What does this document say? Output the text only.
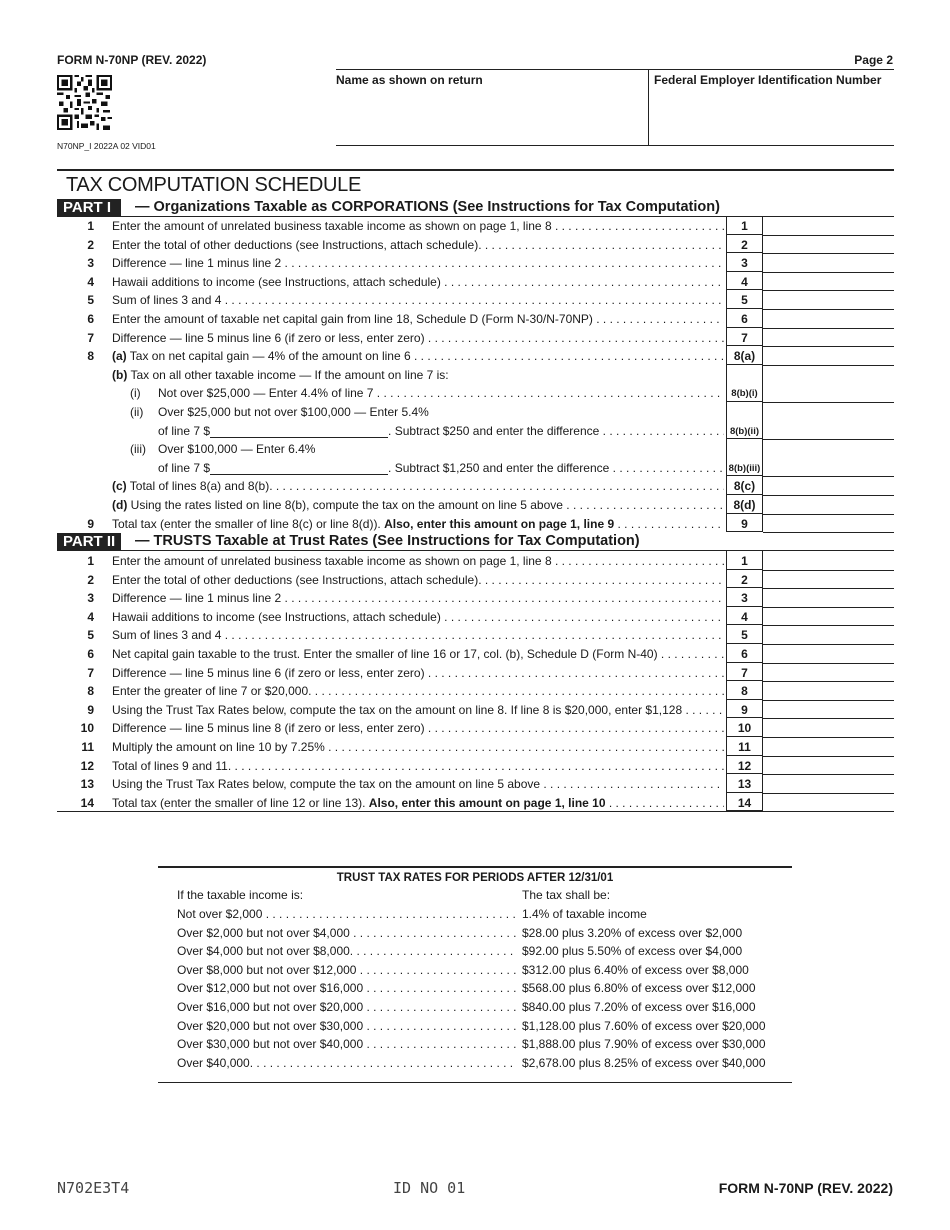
FORM N-70NP (REV. 2022)	Page 2
N70NP_I 2022A 02 VID01
Name as shown on return	Federal Employer Identification Number
TAX COMPUTATION SCHEDULE
PART I	— Organizations Taxable as CORPORATIONS (See Instructions for Tax Computation)
1 Enter the amount of unrelated business taxable income as shown on page 1, line 8 . . .	1
2 Enter the total of other deductions (see Instructions, attach schedule). . . .	2
3 Difference — line 1 minus line 2 . . .	3
4 Hawaii additions to income (see Instructions, attach schedule) . . .	4
5 Sum of lines 3 and 4 . . .	5
6 Enter the amount of taxable net capital gain from line 18, Schedule D (Form N-30/N-70NP) . . .	6
7 Difference — line 5 minus line 6 (if zero or less, enter zero) . . .	7
8 (a) Tax on net capital gain — 4% of the amount on line 6 . . .	8(a)
(b) Tax on all other taxable income — If the amount on line 7 is:
(i) Not over $25,000 — Enter 4.4% of line 7 . . .	8(b)(i)
(ii) Over $25,000 but not over $100,000 — Enter 5.4%
of line 7 $	. Subtract $250 and enter the difference . . .	8(b)(ii)
(iii) Over $100,000 — Enter 6.4%
of line 7 $	. Subtract $1,250 and enter the difference . . .	8(b)(iii)
(c) Total of lines 8(a) and 8(b). . . .	8(c)
(d) Using the rates listed on line 8(b), compute the tax on the amount on line 5 above . . .	8(d)
9 Total tax (enter the smaller of line 8(c) or line 8(d)). Also, enter this amount on page 1, line 9 . . .	9
PART II	— TRUSTS Taxable at Trust Rates (See Instructions for Tax Computation)
1 Enter the amount of unrelated business taxable income as shown on page 1, line 8 . . .	1
2 Enter the total of other deductions (see Instructions, attach schedule). . . .	2
3 Difference — line 1 minus line 2 . . .	3
4 Hawaii additions to income (see Instructions, attach schedule) . . .	4
5 Sum of lines 3 and 4 . . .	5
6 Net capital gain taxable to the trust. Enter the smaller of line 16 or 17, col. (b), Schedule D (Form N-40) . . .	6
7 Difference — line 5 minus line 6 (if zero or less, enter zero) . . .	7
8 Enter the greater of line 7 or $20,000. . . .	8
9 Using the Trust Tax Rates below, compute the tax on the amount on line 8. If line 8 is $20,000, enter $1,128 . . .	9
10 Difference — line 5 minus line 8 (if zero or less, enter zero) . . .	10
11 Multiply the amount on line 10 by 7.25% . . .	11
12 Total of lines 9 and 11. . . .	12
13 Using the Trust Tax Rates below, compute the tax on the amount on line 5 above . . .	13
14 Total tax (enter the smaller of line 12 or line 13). Also, enter this amount on page 1, line 10 . . .	14
TRUST TAX RATES FOR PERIODS AFTER 12/31/01
If the taxable income is:	The tax shall be:
Not over $2,000 . . .	1.4% of taxable income
Over $2,000 but not over $4,000 . . .	$28.00 plus 3.20% of excess over $2,000
Over $4,000 but not over $8,000. . . .	$92.00 plus 5.50% of excess over $4,000
Over $8,000 but not over $12,000 . . .	$312.00 plus 6.40% of excess over $8,000
Over $12,000 but not over $16,000 . . .	$568.00 plus 6.80% of excess over $12,000
Over $16,000 but not over $20,000 . . .	$840.00 plus 7.20% of excess over $16,000
Over $20,000 but not over $30,000 . . .	$1,128.00 plus 7.60% of excess over $20,000
Over $30,000 but not over $40,000 . . .	$1,888.00 plus 7.90% of excess over $30,000
Over $40,000. . . .	$2,678.00 plus 8.25% of excess over $40,000
N702E3T4	ID NO 01	FORM N-70NP (REV. 2022)
